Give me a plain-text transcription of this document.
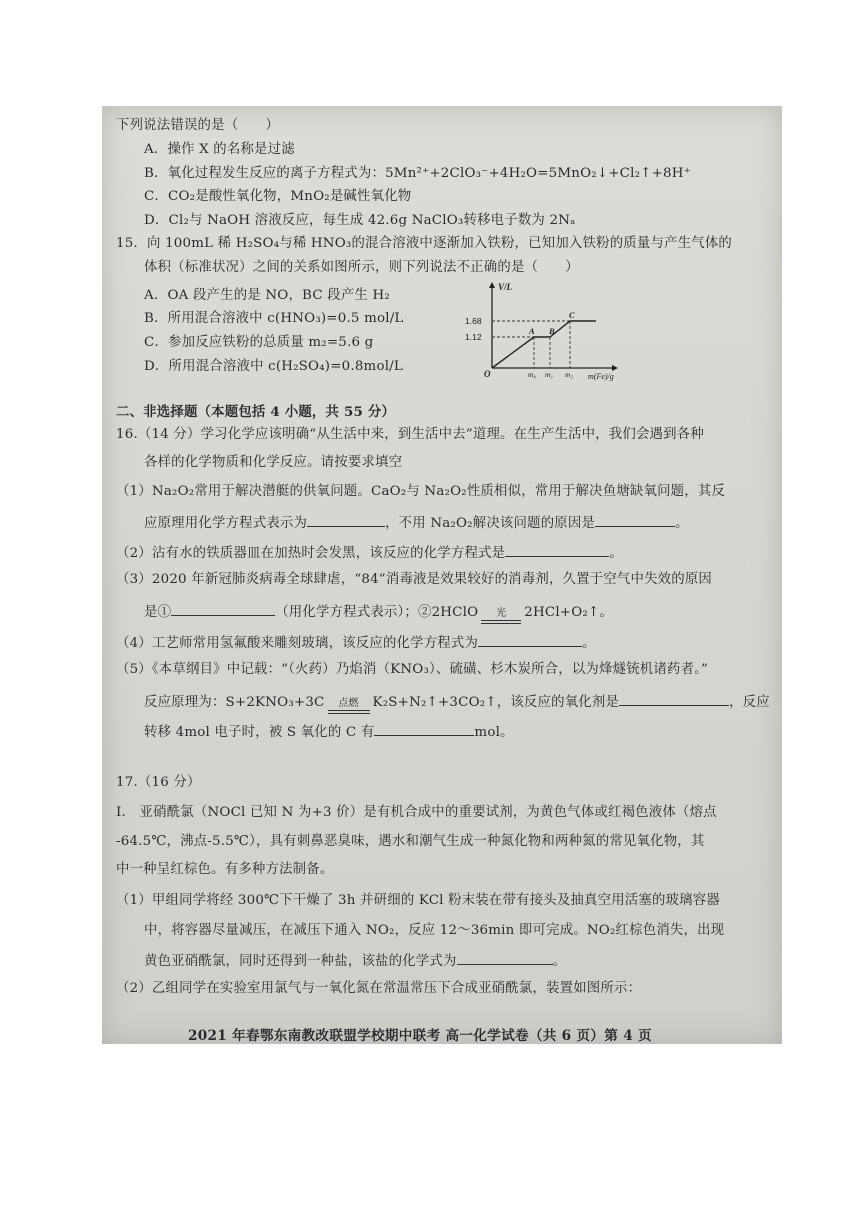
下列说法错误的是（　　）
A．操作 X 的名称是过滤
B．氧化过程发生反应的离子方程式为：5Mn²⁺+2ClO₃⁻+4H₂O=5MnO₂↓+Cl₂↑+8H⁺
C．CO₂是酸性氧化物，MnO₂是碱性氧化物
D．Cl₂与 NaOH 溶液反应，每生成 42.6g NaClO₃转移电子数为 2Nₐ
15．向 100mL 稀 H₂SO₄与稀 HNO₃的混合溶液中逐渐加入铁粉，已知加入铁粉的质量与产生气体的
体积（标准状况）之间的关系如图所示，则下列说法不正确的是（　　）
A．OA 段产生的是 NO，BC 段产生 H₂
B．所用混合溶液中 c(HNO₃)=0.5 mol/L
C．参加反应铁粉的总质量 m₂=5.6 g
D．所用混合溶液中 c(H₂SO₄)=0.8mol/L
V/L
1.68
1.12
O	m₀ m₁ m₂ m(Fe)/g
A B
C
二、非选择题（本题包括 4 小题，共 55 分）
16.（14 分）学习化学应该明确“从生活中来，到生活中去”道理。在生产生活中，我们会遇到各种
各样的化学物质和化学反应。请按要求填空
（1）Na₂O₂常用于解决潜艇的供氧问题。CaO₂与 Na₂O₂性质相似，常用于解决鱼塘缺氧问题，其反
应原理用化学方程式表示为	，不用 Na₂O₂解决该问题的原因是	。
（2）沾有水的铁质器皿在加热时会发黑，该反应的化学方程式是	。
（3）2020 年新冠肺炎病毒全球肆虐，“84”消毒液是效果较好的消毒剂，久置于空气中失效的原因
是①	（用化学方程式表示）；②2HClO	光	2HCl+O₂↑。
（4）工艺师常用氢氟酸来雕刻玻璃，该反应的化学方程式为	。
（5）《本草纲目》中记载：“（火药）乃焰消（KNO₃）、硫磺、杉木炭所合，以为烽燧铳机诸药者。”
反应原理为：S+2KNO₃+3C	点燃	K₂S+N₂↑+3CO₂↑，该反应的氧化剂是	，反应
转移 4mol 电子时，被 S 氧化的 C 有	mol。
17.（16 分）
I.　亚硝酰氯（NOCl 已知 N 为+3 价）是有机合成中的重要试剂，为黄色气体或红褐色液体（熔点
-64.5℃，沸点-5.5℃），具有刺鼻恶臭味，遇水和潮气生成一种氮化物和两种氮的常见氧化物，其
中一种呈红棕色。有多种方法制备。
（1）甲组同学将经 300℃下干燥了 3h 并研细的 KCl 粉末装在带有接头及抽真空用活塞的玻璃容器
中，将容器尽量减压，在减压下通入 NO₂，反应 12～36min 即可完成。NO₂红棕色消失，出现
黄色亚硝酰氯，同时还得到一种盐，该盐的化学式为	。
（2）乙组同学在实验室用氯气与一氧化氮在常温常压下合成亚硝酰氯，装置如图所示：
2021 年春鄂东南教改联盟学校期中联考 高一化学试卷（共 6 页）第 4 页
